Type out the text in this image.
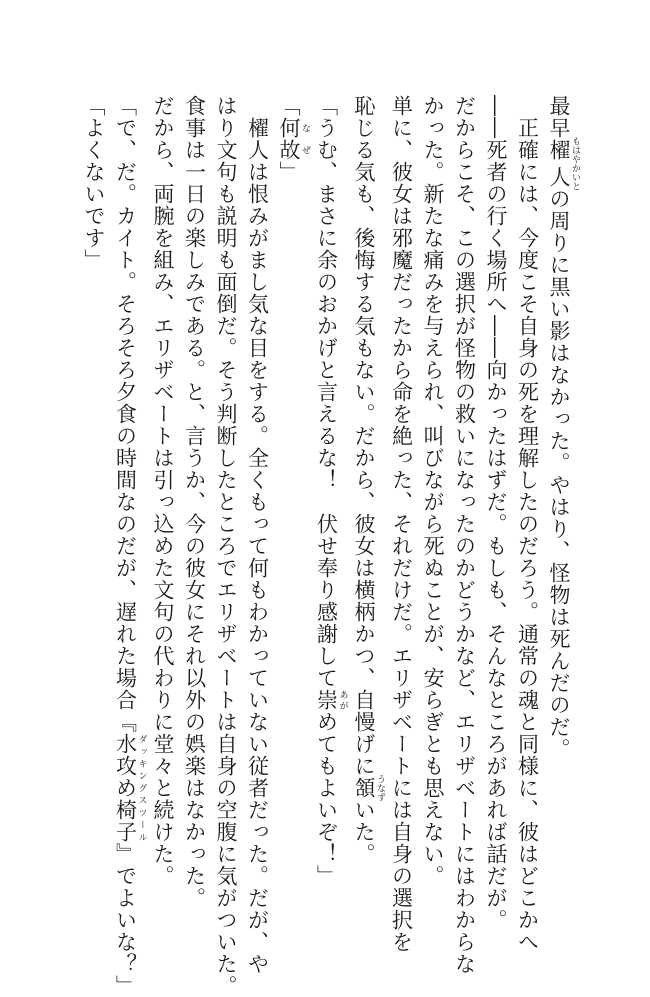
最早櫂人 もはやかいとの周りに黒い影はなかった。やはり、怪物は死んだのだ。
　正確には、今度こそ自身の死を理解したのだろう。通常の魂と同様に、彼はどこかへ
――死者の行く場所へ――向かったはずだ。もしも、そんなところがあれば話だが。
だからこそ、この選択が怪物の救いになったのかどうかなど、エリザベートにはわからな
かった。新たな痛みを与えられ、叫びながら死ぬことが、安らぎとも思えない。
単に、彼女は邪魔だったから命を絶った、それだけだ。エリザベートには自身の選択を
恥じる気も、後悔する気もない。だから、彼女は横柄かつ、自慢げに頷 うなずいた。
「うむ、まさに余のおかげと言えるな！　伏せ奉り感謝して崇 あがめてもよいぞ！」
「何故 なぜ」
　櫂人は恨みがまし気な目をする。全くもって何もわかっていない従者だった。だが、や
はり文句も説明も面倒だ。そう判断したところでエリザベートは自身の空腹に気がついた。
食事は一日の楽しみである。と、言うか、今の彼女にそれ以外の娯楽はなかった。
だから、両腕を組み、エリザベートは引っ込めた文句の代わりに堂々と続けた。
「で、だ。カイト。そろそろ夕食の時間なのだが、遅れた場合『水攻め椅子 ダッキングスツール』でよいな？」
「よくないです」
